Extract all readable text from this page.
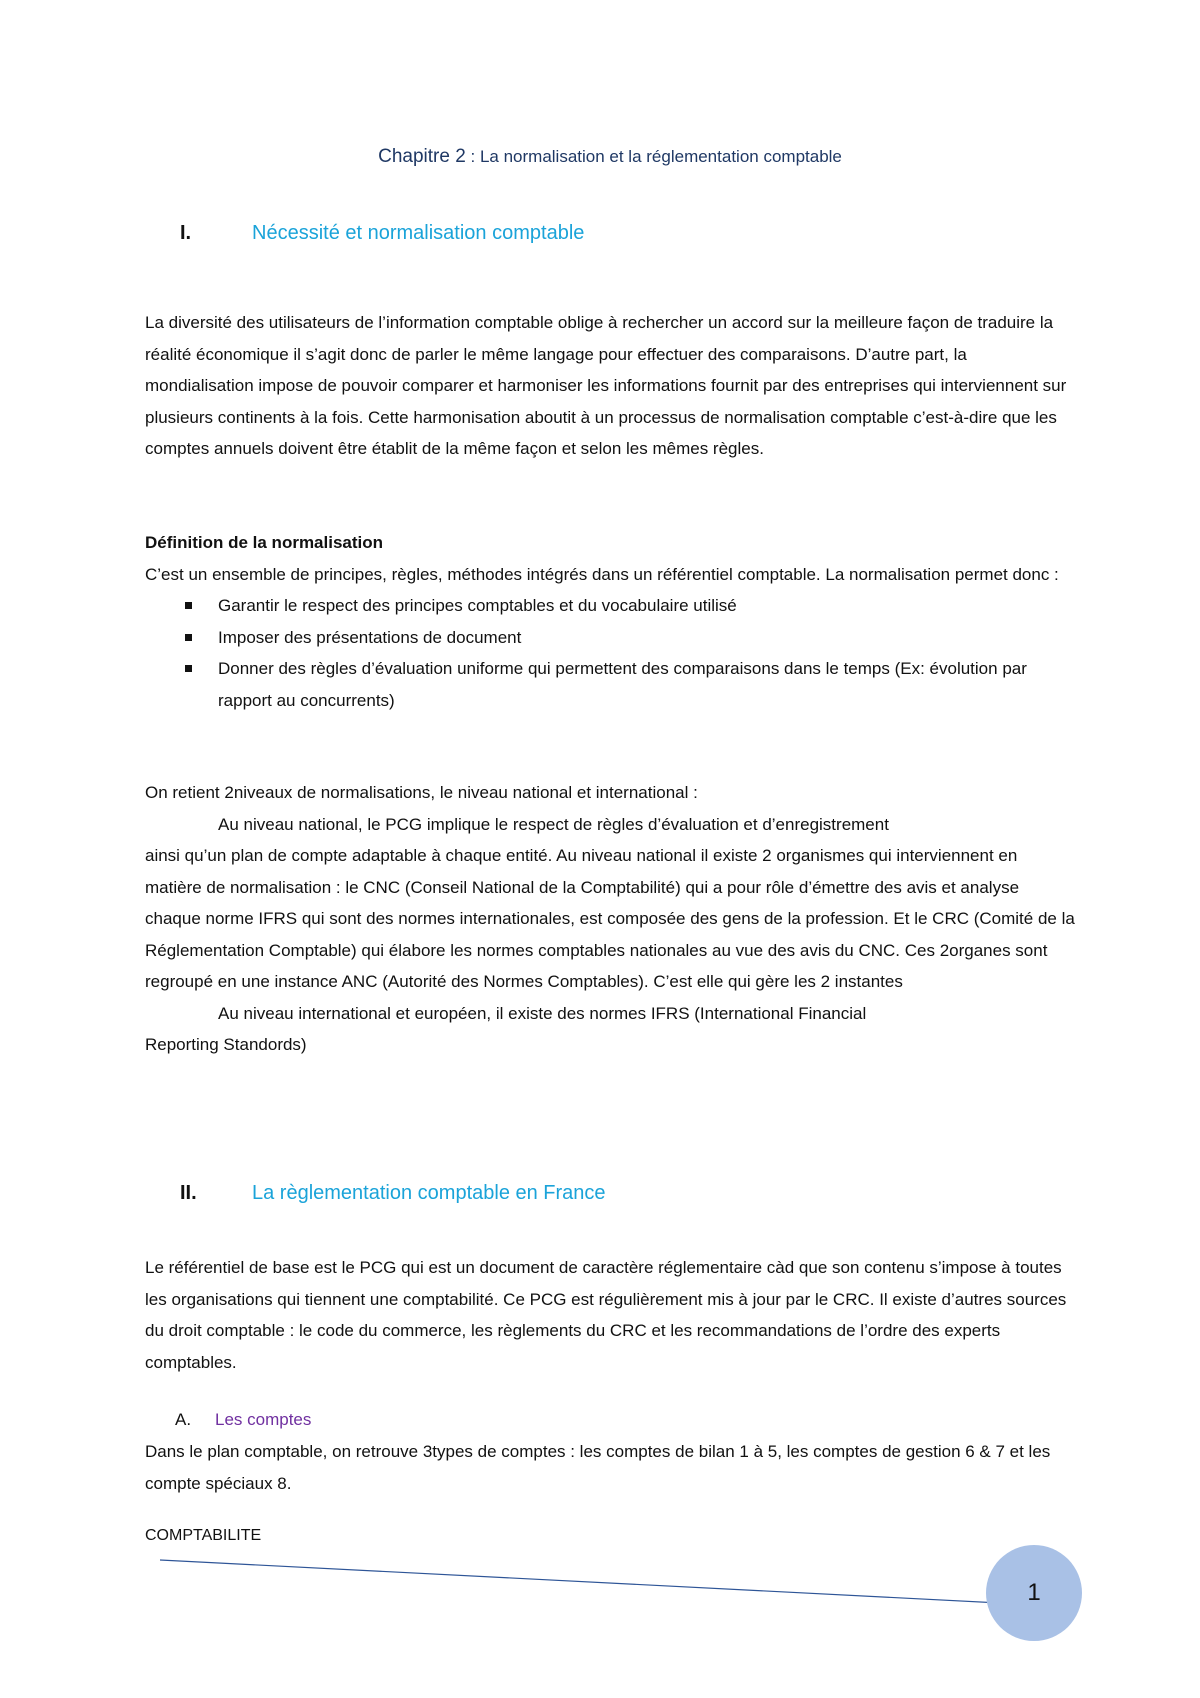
Chapitre 2 : La normalisation et la réglementation comptable
I.	Nécessité et normalisation comptable

La diversité des utilisateurs de l’information comptable oblige à rechercher un accord sur la meilleure façon de traduire la réalité économique il s’agit donc de parler le même langage pour effectuer des comparaisons. D’autre part, la mondialisation impose de pouvoir comparer et harmoniser les informations fournit par des entreprises qui interviennent sur plusieurs continents à la fois. Cette harmonisation aboutit à un processus de normalisation comptable c’est-à-dire que les comptes annuels doivent être établit de la même façon et selon les mêmes règles.

Définition de la normalisation

C’est un ensemble de principes, règles, méthodes intégrés dans un référentiel comptable. La normalisation permet donc :

Garantir le respect des principes comptables et du vocabulaire utilisé
Imposer des présentations de document
Donner des règles d’évaluation uniforme qui permettent des comparaisons dans le temps (Ex: évolution par rapport au concurrents)

On retient 2niveaux de normalisations, le niveau national et international :

Au niveau national, le PCG implique le respect de règles d’évaluation et d’enregistrement

ainsi qu’un plan de compte adaptable à chaque entité. Au niveau national il existe 2 organismes qui interviennent en matière de normalisation : le CNC (Conseil National de la Comptabilité) qui a pour rôle d’émettre des avis et analyse chaque norme IFRS qui sont des normes internationales, est composée des gens de la profession. Et le CRC (Comité de la Réglementation Comptable) qui élabore les normes comptables nationales au vue des avis du CNC. Ces 2organes sont regroupé en une instance ANC (Autorité des Normes Comptables). C’est elle qui gère les 2 instantes

Au niveau international et européen, il existe des normes IFRS (International Financial

Reporting Standords)

II.	La règlementation comptable en France

Le référentiel de base est le PCG qui est un document de caractère réglementaire càd que son contenu s’impose à toutes les organisations qui tiennent une comptabilité. Ce PCG est régulièrement mis à jour par le CRC. Il existe d’autres sources du droit comptable : le code du commerce, les règlements du CRC et les recommandations de l’ordre des experts comptables.

A. Les comptes

Dans le plan comptable, on retrouve 3types de comptes : les comptes de bilan 1 à 5, les comptes de gestion 6 & 7 et les compte spéciaux 8.

COMPTABILITE
1
